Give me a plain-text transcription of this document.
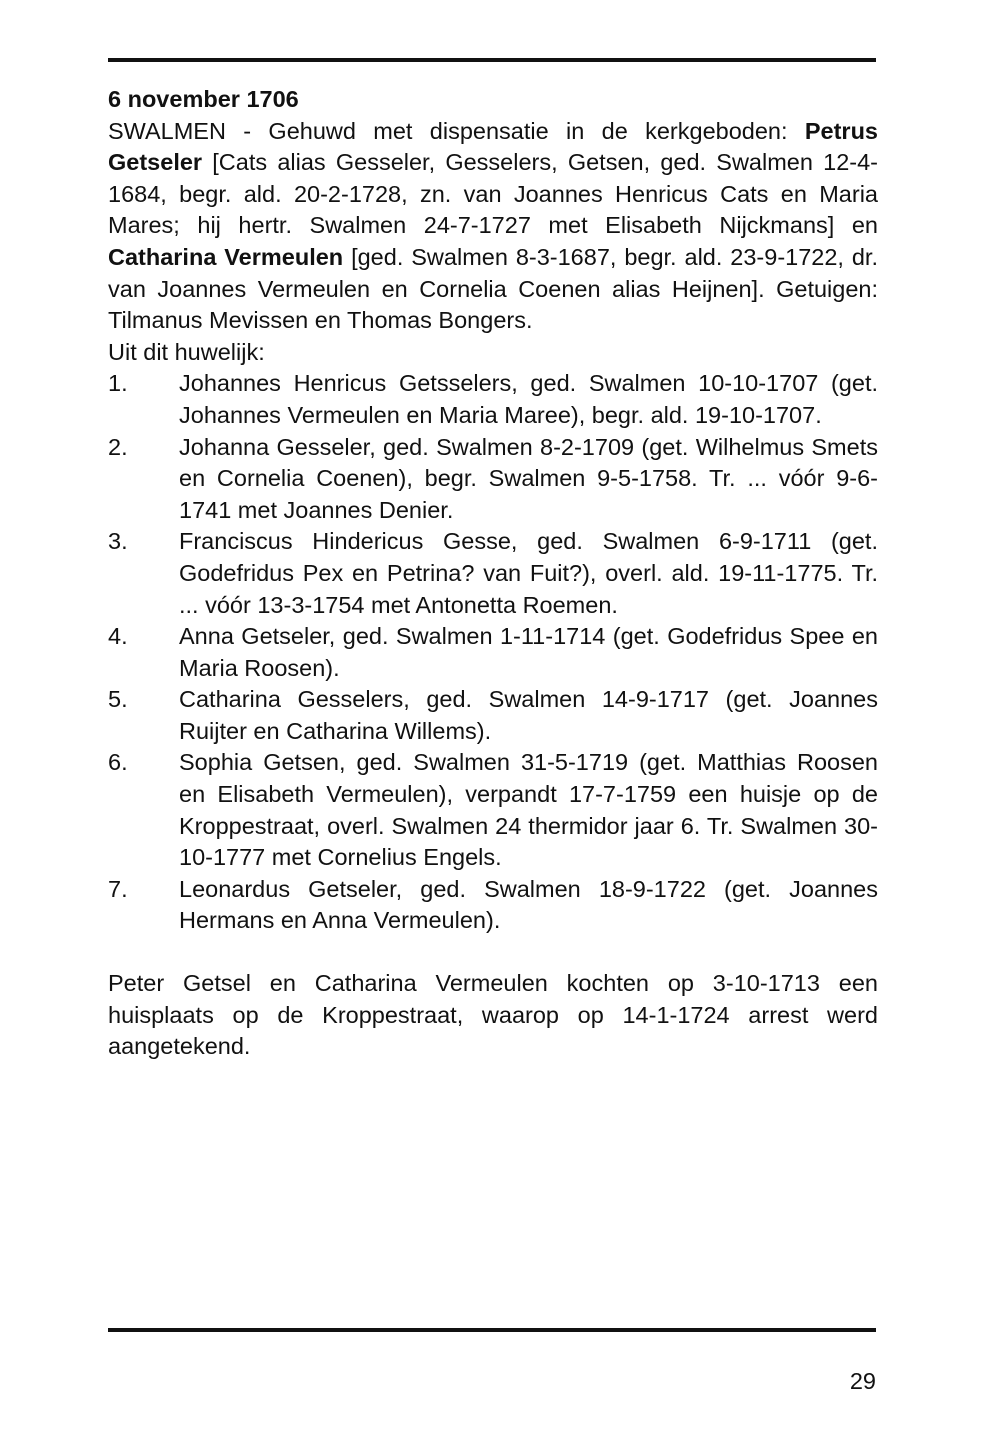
6 november 1706

SWALMEN - Gehuwd met dispensatie in de kerkgeboden: Petrus Getseler [Cats alias Gesseler, Gesselers, Getsen, ged. Swalmen 12-4-1684, begr. ald. 20-2-1728, zn. van Joannes Henricus Cats en Maria Mares; hij hertr. Swalmen 24-7-1727 met Elisabeth Nijckmans] en Catharina Vermeulen [ged. Swalmen 8-3-1687, begr. ald. 23-9-1722, dr. van Joannes Vermeulen en Cornelia Coenen alias Heijnen]. Getuigen: Tilmanus Mevissen en Thomas Bongers.

Uit dit huwelijk:

1. Johannes Henricus Getsselers, ged. Swalmen 10-10-1707 (get. Johannes Vermeulen en Maria Maree), begr. ald. 19-10-1707.
2. Johanna Gesseler, ged. Swalmen 8-2-1709 (get. Wilhelmus Smets en Cornelia Coenen), begr. Swalmen 9-5-1758. Tr. ... vóór 9-6-1741 met Joannes Denier.
3. Franciscus Hindericus Gesse, ged. Swalmen 6-9-1711 (get. Godefridus Pex en Petrina? van Fuit?), overl. ald. 19-11-1775. Tr. ... vóór 13-3-1754 met Antonetta Roemen.
4. Anna Getseler, ged. Swalmen 1-11-1714 (get. Godefridus Spee en Maria Roosen).
5. Catharina Gesselers, ged. Swalmen 14-9-1717 (get. Joannes Ruijter en Catharina Willems).
6. Sophia Getsen, ged. Swalmen 31-5-1719 (get. Matthias Roosen en Elisabeth Vermeulen), verpandt 17-7-1759 een huisje op de Kroppestraat, overl. Swalmen 24 thermidor jaar 6. Tr. Swalmen 30-10-1777 met Cornelius Engels.
7. Leonardus Getseler, ged. Swalmen 18-9-1722 (get. Joannes Hermans en Anna Vermeulen).

Peter Getsel en Catharina Vermeulen kochten op 3-10-1713 een huisplaats op de Kroppestraat, waarop op 14-1-1724 arrest werd aangetekend.

29
